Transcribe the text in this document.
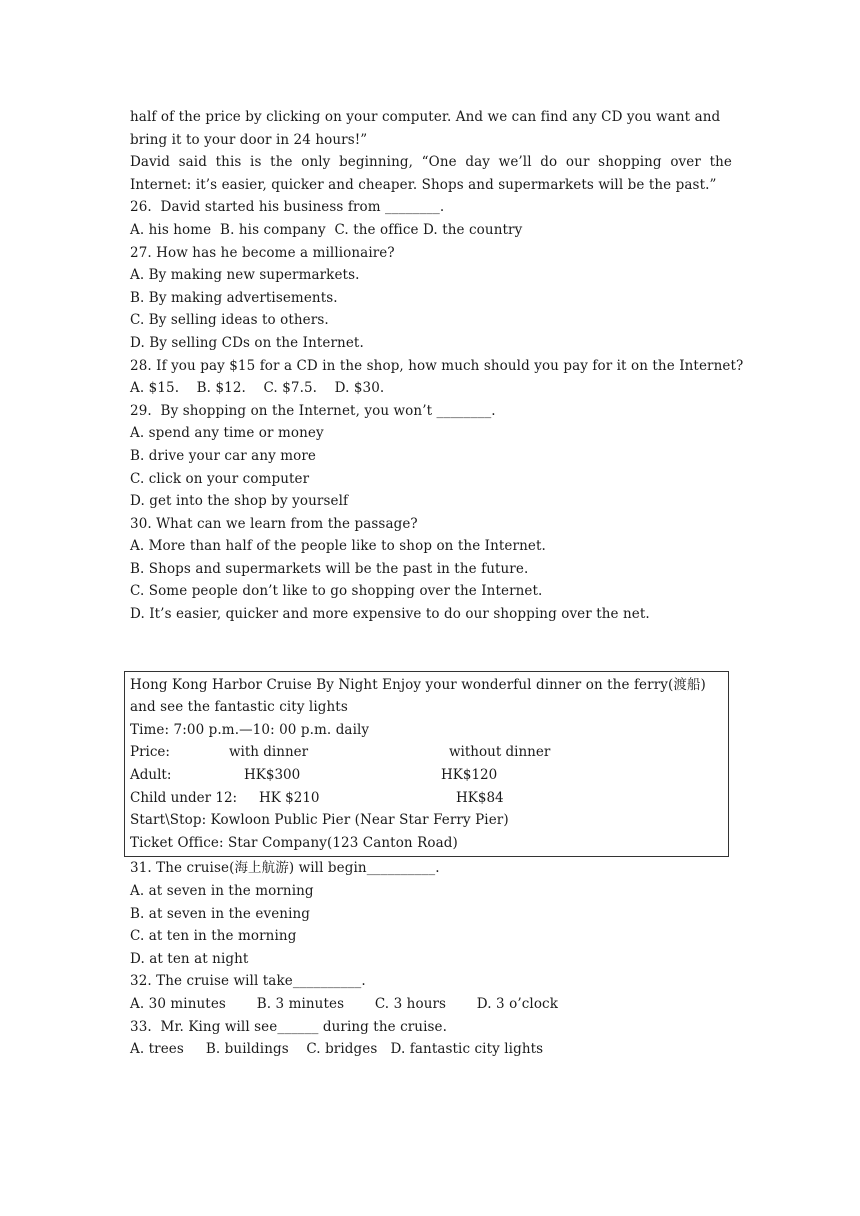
half of the price by clicking on your computer. And we can find any CD you want and
bring it to your door in 24 hours!”
David said this is the only beginning, “One day we’ll do our shopping over the Internet: it’s easier, quicker and cheaper. Shops and supermarkets will be the past.”
26.  David started his business from ________.
A. his home  B. his company  C. the office D. the country
27. How has he become a millionaire?
A. By making new supermarkets.
B. By making advertisements.
C. By selling ideas to others.
D. By selling CDs on the Internet.
28. If you pay $15 for a CD in the shop, how much should you pay for it on the Internet?
A. $15.    B. $12.    C. $7.5.    D. $30.
29.  By shopping on the Internet, you won’t ________.
A. spend any time or money
B. drive your car any more
C. click on your computer
D. get into the shop by yourself
30. What can we learn from the passage?
A. More than half of the people like to shop on the Internet.
B. Shops and supermarkets will be the past in the future.
C. Some people don’t like to go shopping over the Internet.
D. It’s easier, quicker and more expensive to do our shopping over the net.
Hong Kong Harbor Cruise By Night Enjoy your wonderful dinner on the ferry(渡船)
and see the fantastic city lights
Time: 7:00 p.m.—10: 00 p.m. daily
Price:	with dinner	without dinner
Adult:	HK$300	HK$120
Child under 12:	HK $210	HK$84
Start\Stop: Kowloon Public Pier (Near Star Ferry Pier)
Ticket Office: Star Company(123 Canton Road)
31. The cruise(海上航游) will begin__________.
A. at seven in the morning
B. at seven in the evening
C. at ten in the morning
D. at ten at night
32. The cruise will take__________.
A. 30 minutes       B. 3 minutes       C. 3 hours       D. 3 o’clock
33.  Mr. King will see______ during the cruise.
A. trees     B. buildings    C. bridges   D. fantastic city lights
